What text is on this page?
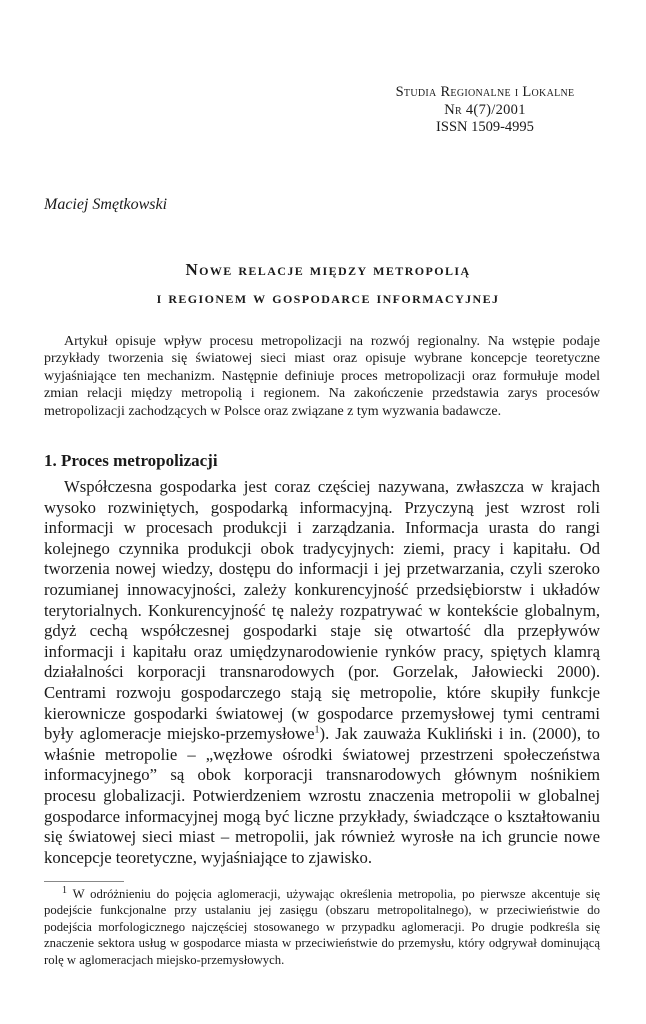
Studia Regionalne i Lokalne
Nr 4(7)/2001
ISSN 1509-4995
Maciej Smętkowski
Nowe relacje między metropolią
i regionem w gospodarce informacyjnej

Artykuł opisuje wpływ procesu metropolizacji na rozwój regionalny. Na wstępie podaje przykłady tworzenia się światowej sieci miast oraz opisuje wybrane koncepcje teoretyczne wyjaśniające ten mechanizm. Następnie definiuje proces metropolizacji oraz formułuje model zmian relacji między metropolią i regionem. Na zakończenie przedstawia zarys procesów metropolizacji zachodzących w Polsce oraz związane z tym wyzwania badawcze.

1. Proces metropolizacji

Współczesna gospodarka jest coraz częściej nazywana, zwłaszcza w krajach wysoko rozwiniętych, gospodarką informacyjną. Przyczyną jest wzrost roli informacji w procesach produkcji i zarządzania. Informacja urasta do rangi kolejnego czynnika produkcji obok tradycyjnych: ziemi, pracy i kapitału. Od tworzenia nowej wiedzy, dostępu do informacji i jej przetwarzania, czyli szeroko rozumianej innowacyjności, zależy konkurencyjność przedsiębiorstw i układów terytorialnych. Konkurencyjność tę należy rozpatrywać w kontekście globalnym, gdyż cechą współczesnej gospodarki staje się otwartość dla przepływów informacji i kapitału oraz umiędzynarodowienie rynków pracy, spiętych klamrą działalności korporacji transnarodowych (por. Gorzelak, Jałowiecki 2000). Centrami rozwoju gospodarczego stają się metropolie, które skupiły funkcje kierownicze gospodarki światowej (w gospodarce przemysłowej tymi centrami były aglomeracje miejsko-przemysłowe$^1$). Jak zauważa Kukliński i in. (2000), to właśnie metropolie – „węzłowe ośrodki światowej przestrzeni społeczeństwa informacyjnego” są obok korporacji transnarodowych głównym nośnikiem procesu globalizacji. Potwierdzeniem wzrostu znaczenia metropolii w globalnej gospodarce informacyjnej mogą być liczne przykłady, świadczące o kształtowaniu się światowej sieci miast – metropolii, jak również wyrosłe na ich gruncie nowe koncepcje teoretyczne, wyjaśniające to zjawisko.

$^1$ W odróżnieniu do pojęcia aglomeracji, używając określenia metropolia, po pierwsze akcentuje się podejście funkcjonalne przy ustalaniu jej zasięgu (obszaru metropolitalnego), w przeciwieństwie do podejścia morfologicznego najczęściej stosowanego w przypadku aglomeracji. Po drugie podkreśla się znaczenie sektora usług w gospodarce miasta w przeciwieństwie do przemysłu, który odgrywał dominującą rolę w aglomeracjach miejsko-przemysłowych.
